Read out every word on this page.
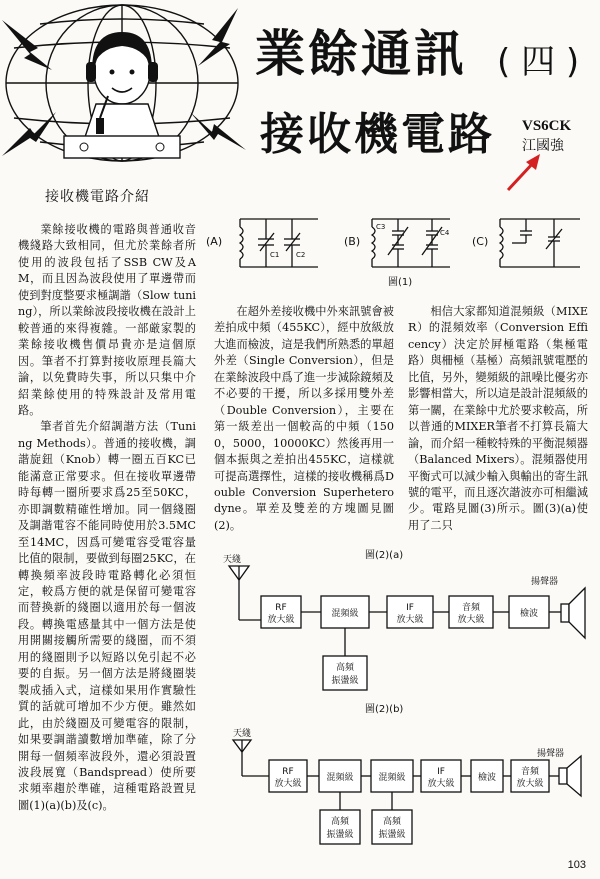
業餘通訊 ( 四 )
接收機電路 VS6CK
江國強
接收機電路介紹
(A)	(B)	(C)
C1 C2
C3
C4
圖(1)

業餘接收機的電路與普通收音機綫路大致相同，但尤於業餘者所使用的波段包括了SSB CW及AM，而且因為波段使用了單邊帶而使到對度整要求極調諧（Slow tuning），所以業餘波段接收機在設計上較普通的來得複雜。一部厳家製的業餘接收機售價昂貴亦是這個原因。筆者不打算對接收原理長篇大論，以免費時失事，所以只集中介紹業餘使用的特殊設計及常用電路。

筆者首先介紹調諧方法（Tuning Methods）。普通的接收機，調諧旋鈕（Knob）轉一圈五百KC已能滿意正常要求。但在接收單邊帶時每轉一圈所要求爲25至50KC，亦即調數精確性增加。同一個綫圈及調諧電容不能同時使用於3.5MC至14MC，因爲可變電容受電容量比值的限制，要做到每圈25KC，在轉換頻率波段時電路轉化必須恒定，較爲方便的就是保留可變電容而替換新的綫圈以適用於每一個波段。轉換電感量其中一個方法是使用開關接觸所需要的綫圈，而不須用的綫圈則予以短路以免引起不必要的自振。另一個方法是將綫圈裝製成插入式，這樣如果用作實驗性質的話就可增加不少方便。雖然如此，由於綫圈及可變電容的限制，如果要調諧讀數增加準確，除了分開每一個頻率波段外，還必須設置波段展寬（Bandspread）使所要求頻率趨於準確，這種電路設置見圖(1)(a)(b)及(c)。

在超外差接收機中外來訊號會被差拍成中頻（455KC），經中放級放大進而檢波，這是我們所熟悉的單超外差（Single Conversion），但是在業餘波段中爲了進一步減除鏡頻及不必要的干擾，所以多採用雙外差（Double Conversion），主要在第一級差出一個較高的中頻（1500，5000，10000KC）然後再用一個本振與之差拍出455KC，這樣就可提高選擇性，這樣的接收機稱爲Double Conversion Superheterodyne。單差及雙差的方塊圖見圖(2)。

相信大家都知道混頻級（MIXER）的混頻效率（Conversion Efficency）決定於屛極電路（集極電路）與柵極（基極）高頻訊號電壓的比值，另外，變頻級的訊噪比優劣亦影響相當大，所以這是設計混頻級的第一關，在業餘中尤於要求較高，所以普通的MIXER筆者不打算長篇大論，而介紹一種較特殊的平衡混頻器（Balanced Mixers）。混頻器使用平衡式可以減少輸入與輸出的寄生訊號的電平，而且逐次諧波亦可相繼減少。電路見圖(3)所示。圖(3)(a)使用了二只

圖(2)(a)
天綫
RF
放大級
混頻級
IF
放大級
音頻
放大級
檢波
高頻
振盪級
揚聲器
圖(2)(b)
天綫
RF
放大級
混頻級	混頻級
IF
放大級
檢波
音頻
放大級
高頻
振盪級
高頻
振盪級
揚聲器
103
